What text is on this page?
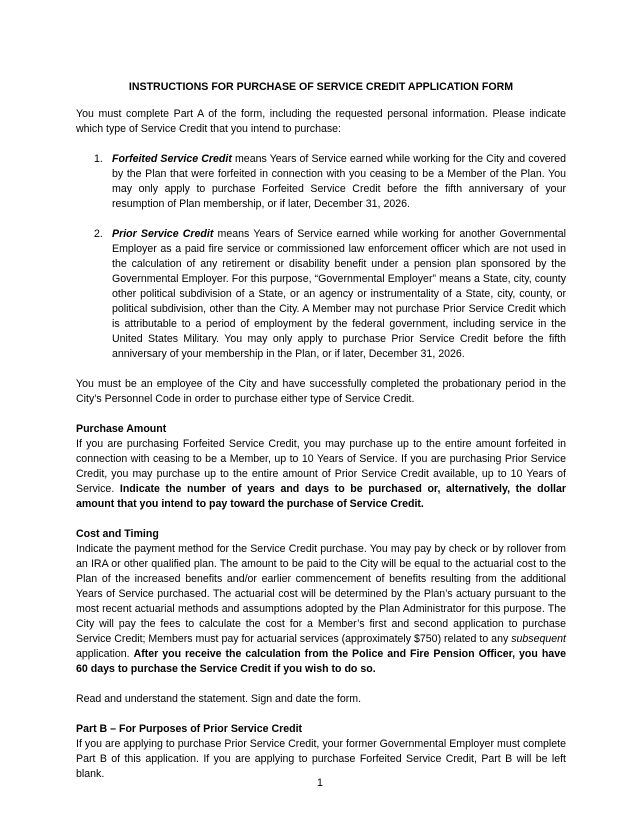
INSTRUCTIONS FOR PURCHASE OF SERVICE CREDIT APPLICATION FORM

You must complete Part A of the form, including the requested personal information. Please indicate which type of Service Credit that you intend to purchase:

1. Forfeited Service Credit means Years of Service earned while working for the City and covered by the Plan that were forfeited in connection with you ceasing to be a Member of the Plan. You may only apply to purchase Forfeited Service Credit before the fifth anniversary of your resumption of Plan membership, or if later, December 31, 2026.
2. Prior Service Credit means Years of Service earned while working for another Governmental Employer as a paid fire service or commissioned law enforcement officer which are not used in the calculation of any retirement or disability benefit under a pension plan sponsored by the Governmental Employer. For this purpose, “Governmental Employer” means a State, city, county other political subdivision of a State, or an agency or instrumentality of a State, city, county, or political subdivision, other than the City. A Member may not purchase Prior Service Credit which is attributable to a period of employment by the federal government, including service in the United States Military. You may only apply to purchase Prior Service Credit before the fifth anniversary of your membership in the Plan, or if later, December 31, 2026.

You must be an employee of the City and have successfully completed the probationary period in the City’s Personnel Code in order to purchase either type of Service Credit.

Purchase Amount

If you are purchasing Forfeited Service Credit, you may purchase up to the entire amount forfeited in connection with ceasing to be a Member, up to 10 Years of Service. If you are purchasing Prior Service Credit, you may purchase up to the entire amount of Prior Service Credit available, up to 10 Years of Service. Indicate the number of years and days to be purchased or, alternatively, the dollar amount that you intend to pay toward the purchase of Service Credit.

Cost and Timing

Indicate the payment method for the Service Credit purchase. You may pay by check or by rollover from an IRA or other qualified plan. The amount to be paid to the City will be equal to the actuarial cost to the Plan of the increased benefits and/or earlier commencement of benefits resulting from the additional Years of Service purchased. The actuarial cost will be determined by the Plan’s actuary pursuant to the most recent actuarial methods and assumptions adopted by the Plan Administrator for this purpose. The City will pay the fees to calculate the cost for a Member’s first and second application to purchase Service Credit; Members must pay for actuarial services (approximately $750) related to any subsequent application. After you receive the calculation from the Police and Fire Pension Officer, you have 60 days to purchase the Service Credit if you wish to do so.

Read and understand the statement. Sign and date the form.

Part B – For Purposes of Prior Service Credit

If you are applying to purchase Prior Service Credit, your former Governmental Employer must complete Part B of this application. If you are applying to purchase Forfeited Service Credit, Part B will be left blank.

1
